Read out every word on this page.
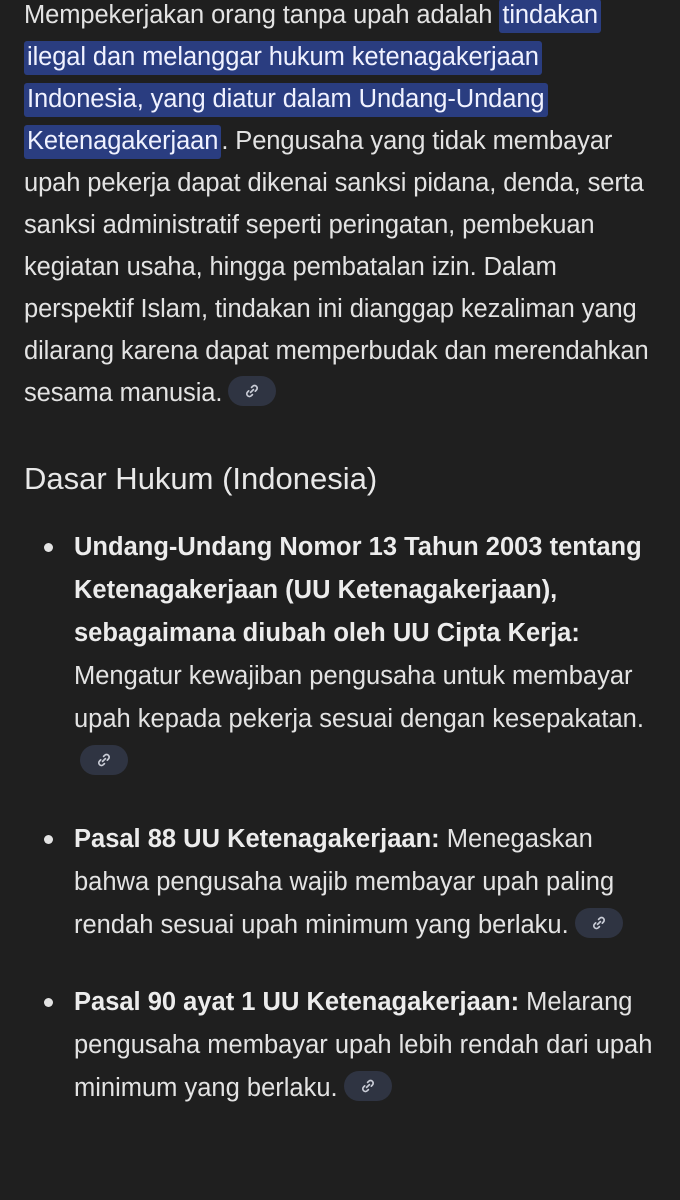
Mempekerjakan orang tanpa upah adalah tindakan ilegal dan melanggar hukum ketenagakerjaan Indonesia, yang diatur dalam Undang-Undang Ketenagakerjaan . Pengusaha yang tidak membayar upah pekerja dapat dikenai sanksi pidana, denda, serta sanksi administratif seperti peringatan, pembekuan kegiatan usaha, hingga pembatalan izin. Dalam perspektif Islam, tindakan ini dianggap kezaliman yang dilarang karena dapat memperbudak dan merendahkan sesama manusia.

Dasar Hukum (Indonesia)
Undang-Undang Nomor 13 Tahun 2003 tentang Ketenagakerjaan (UU Ketenagakerjaan), sebagaimana diubah oleh UU Cipta Kerja: Mengatur kewajiban pengusaha untuk membayar upah kepada pekerja sesuai dengan kesepakatan.
Pasal 88 UU Ketenagakerjaan: Menegaskan bahwa pengusaha wajib membayar upah paling rendah sesuai upah minimum yang berlaku.
Pasal 90 ayat 1 UU Ketenagakerjaan: Melarang pengusaha membayar upah lebih rendah dari upah minimum yang berlaku.
